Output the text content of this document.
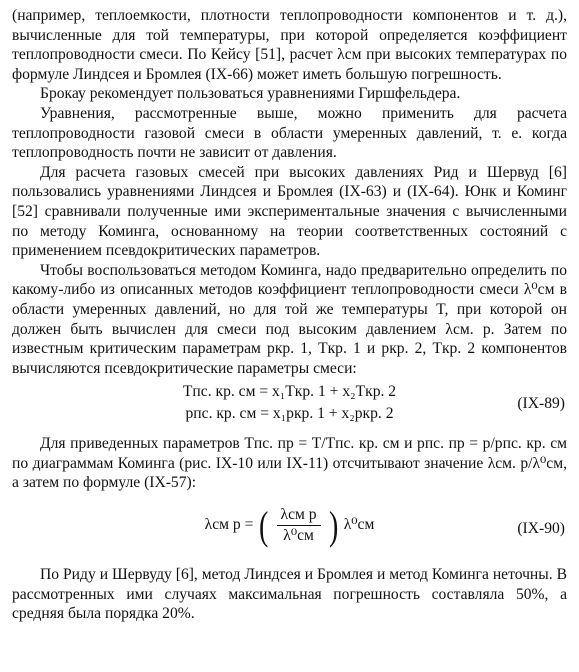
(например, теплоемкости, плотности теплопроводности компонентов и т. д.), вычисленные для той температуры, при которой определяется коэффициент теплопроводности смеси. По Кейсу [51], расчет λсм при высоких температурах по формуле Линдсея и Бромлея (IX-66) может иметь большую погрешность.

Брокау рекомендует пользоваться уравнениями Гиршфельдера.

Уравнения, рассмотренные выше, можно применить для расчета теплопроводности газовой смеси в области умеренных давлений, т. е. когда теплопроводность почти не зависит от давления.

Для расчета газовых смесей при высоких давлениях Рид и Шервуд [6] пользовались уравнениями Линдсея и Бромлея (IX-63) и (IX-64). Юнк и Коминг [52] сравнивали полученные ими экспериментальные значения с вычисленными по методу Коминга, основанному на теории соответственных состояний с применением псевдокритических параметров.

Чтобы воспользоваться методом Коминга, надо предварительно определить по какому-либо из описанных методов коэффициент теплопроводности смеси λ⁰см в области умеренных давлений, но для той же температуры T, при которой он должен быть вычислен для смеси под высоким давлением λсм. p. Затем по известным критическим параметрам pкр. 1, Tкр. 1 и pкр. 2, Tкр. 2 компонентов вычисляются псевдокритические параметры смеси:

Tпс. кр. см = x₁Tкр. 1 + x₂Tкр. 2
pпс. кр. см = x₁pкр. 1 + x₂pкр. 2
(IX-89)

Для приведенных параметров Tпс. пр = T/Tпс. кр. см и pпс. пр = p/pпс. кр. см по диаграммам Коминга (рис. IX-10 или IX-11) отсчитывают значение λсм. p/λ⁰см, а затем по формуле (IX-57):

λсм p = ( $\frac{\text{λсм p}}{\text{λ⁰см}}$ ) λ⁰см	(IX-90)

По Риду и Шервуду [6], метод Линдсея и Бромлея и метод Коминга неточны. В рассмотренных ими случаях максимальная погрешность составляла 50%, а средняя была порядка 20%.
